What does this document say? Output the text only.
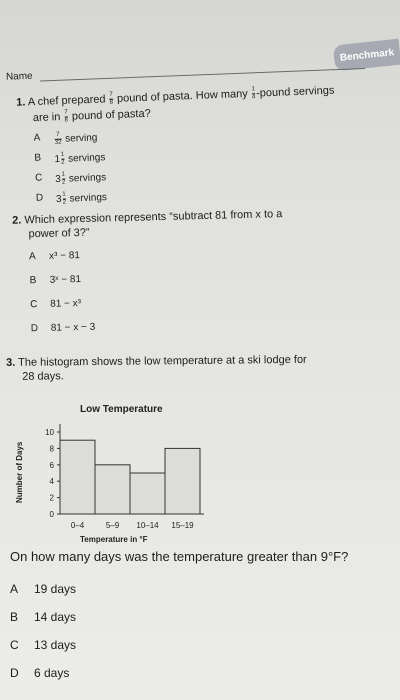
Benchmark
Name
1. A chef prepared $\frac{7}{8}$ pound of pasta. How many $\frac{1}{4}$ -pound servings
are in $\frac{7}{8}$ pound of pasta?
A $\frac{7}{32}$ serving
B $1 \frac{1}{2}$ servings
C $3 \frac{1}{2}$ servings
D $3 \frac{1}{2}$ servings
2. Which expression represents “subtract 81 from x to a
power of 3?”
A x³ − 81
B 3ˣ − 81
C 81 − x³
D 81 − x − 3
3. The histogram shows the low temperature at a ski lodge for
28 days.
Low Temperature
Number of Days
Temperature in °F
0–4	5–9 10–14 15–19
0
2
4
6
8
10
On how many days was the temperature greater than 9°F?
A 19 days
B 14 days
C 13 days
D 6 days
